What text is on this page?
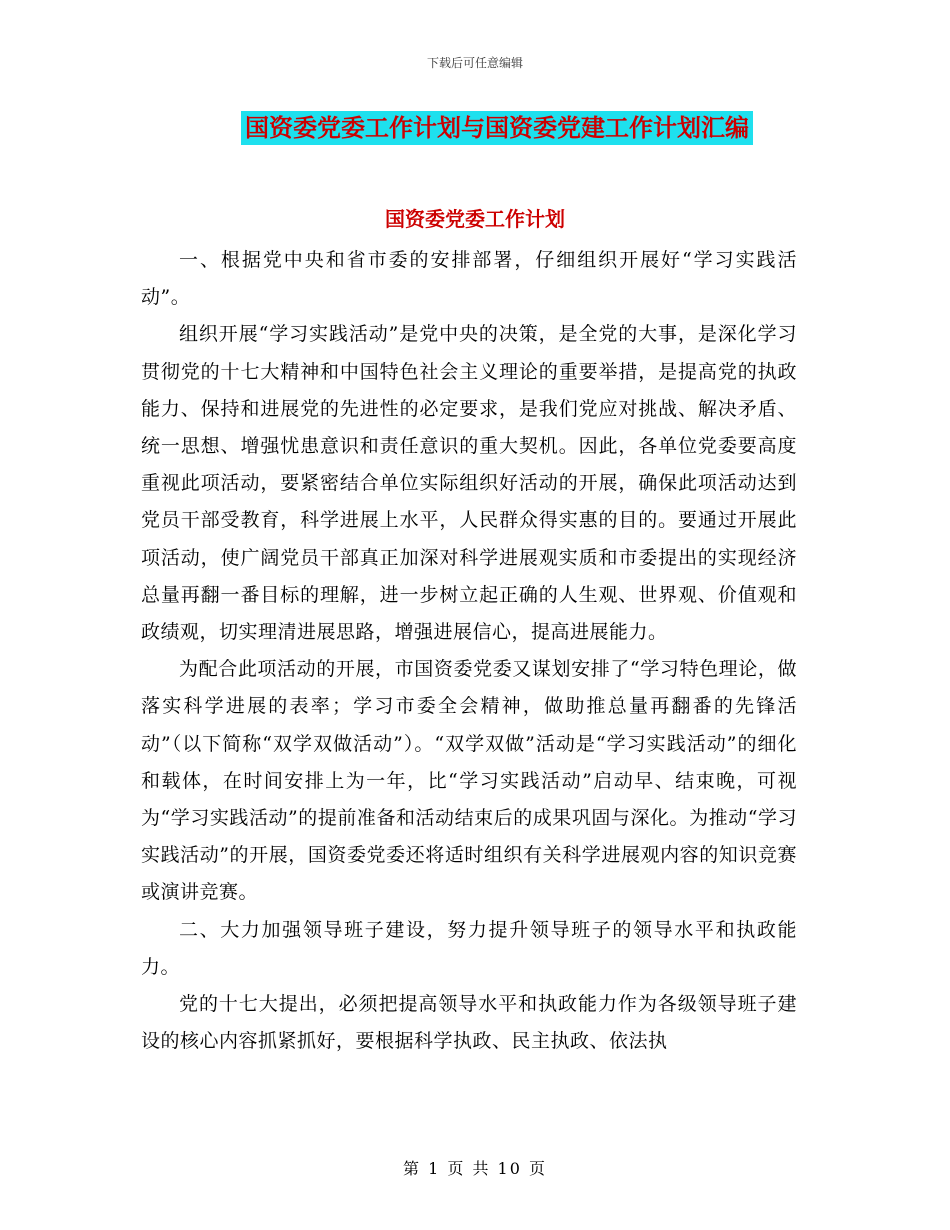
下载后可任意编辑
国资委党委工作计划与国资委党建工作计划汇编
国资委党委工作计划

一、根据党中央和省市委的安排部署，仔细组织开展好“学习实践活动”。

组织开展“学习实践活动”是党中央的决策，是全党的大事，是深化学习贯彻党的十七大精神和中国特色社会主义理论的重要举措，是提高党的执政能力、保持和进展党的先进性的必定要求，是我们党应对挑战、解决矛盾、统一思想、增强忧患意识和责任意识的重大契机。因此，各单位党委要高度重视此项活动，要紧密结合单位实际组织好活动的开展，确保此项活动达到党员干部受教育，科学进展上水平，人民群众得实惠的目的。要通过开展此项活动，使广阔党员干部真正加深对科学进展观实质和市委提出的实现经济总量再翻一番目标的理解，进一步树立起正确的人生观、世界观、价值观和政绩观，切实理清进展思路，增强进展信心，提高进展能力。

为配合此项活动的开展，市国资委党委又谋划安排了“学习特色理论，做落实科学进展的表率；学习市委全会精神，做助推总量再翻番的先锋活动”（以下简称“双学双做活动”）。“双学双做”活动是“学习实践活动”的细化和载体，在时间安排上为一年，比“学习实践活动”启动早、结束晚，可视为“学习实践活动”的提前准备和活动结束后的成果巩固与深化。为推动“学习实践活动”的开展，国资委党委还将适时组织有关科学进展观内容的知识竞赛或演讲竞赛。

二、大力加强领导班子建设，努力提升领导班子的领导水平和执政能力。

党的十七大提出，必须把提高领导水平和执政能力作为各级领导班子建设的核心内容抓紧抓好，要根据科学执政、民主执政、依法执

第 1 页 共 10 页
